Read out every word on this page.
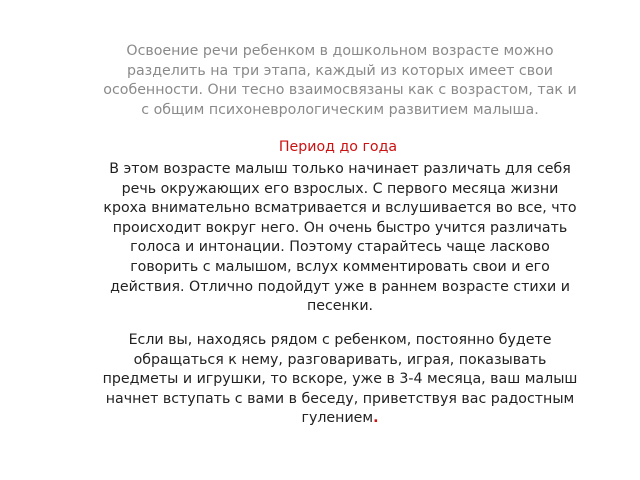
Освоение речи ребенком в дошкольном возрасте можно разделить на три этапа, каждый из которых имеет свои особенности. Они тесно взаимосвязаны как с возрастом, так и с общим психоневрологическим развитием малыша.

Период до года

В этом возрасте малыш только начинает различать для себя речь окружающих его взрослых. С первого месяца жизни кроха внимательно всматривается и вслушивается во все, что происходит вокруг него. Он очень быстро учится различать голоса и интонации. Поэтому старайтесь чаще ласково говорить с малышом, вслух комментировать свои и его действия. Отлично подойдут уже в раннем возрасте стихи и песенки.

Если вы, находясь рядом с ребенком, постоянно будете обращаться к нему, разговаривать, играя, показывать предметы и игрушки, то вскоре, уже в 3-4 месяца, ваш малыш начнет вступать с вами в беседу, приветствуя вас радостным гулением.
